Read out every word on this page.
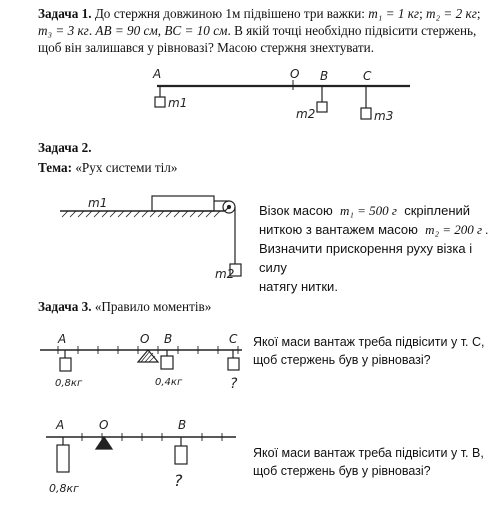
Задача 1. До стержня довжиною 1м підвішено три важки: m₁ = 1 кг; m₂ = 2 кг; m₃ = 3 кг. AB = 90 см, BC = 10 см. В якій точці необхідно підвісити стержень, щоб він залишався у рівновазі? Масою стержня знехтувати.
A	O B	C
m1
m2	m3
m1
m2
A	O B	C
0,8кг	0,4кг	?
A	O	B
0,8кг	?
Задача 2.
Тема: «Рух системи тіл»
Візок масою m₁ = 500 г скріплений
ниткою з вантажем масою m₂ = 200 г .
Визначити прискорення руху візка і силу
натягу нитки.
Задача 3. «Правило моментів»
Якої маси вантаж треба підвісити у т. С,
щоб стержень був у рівновазі?
Якої маси вантаж треба підвісити у т. В,
щоб стержень був у рівновазі?
